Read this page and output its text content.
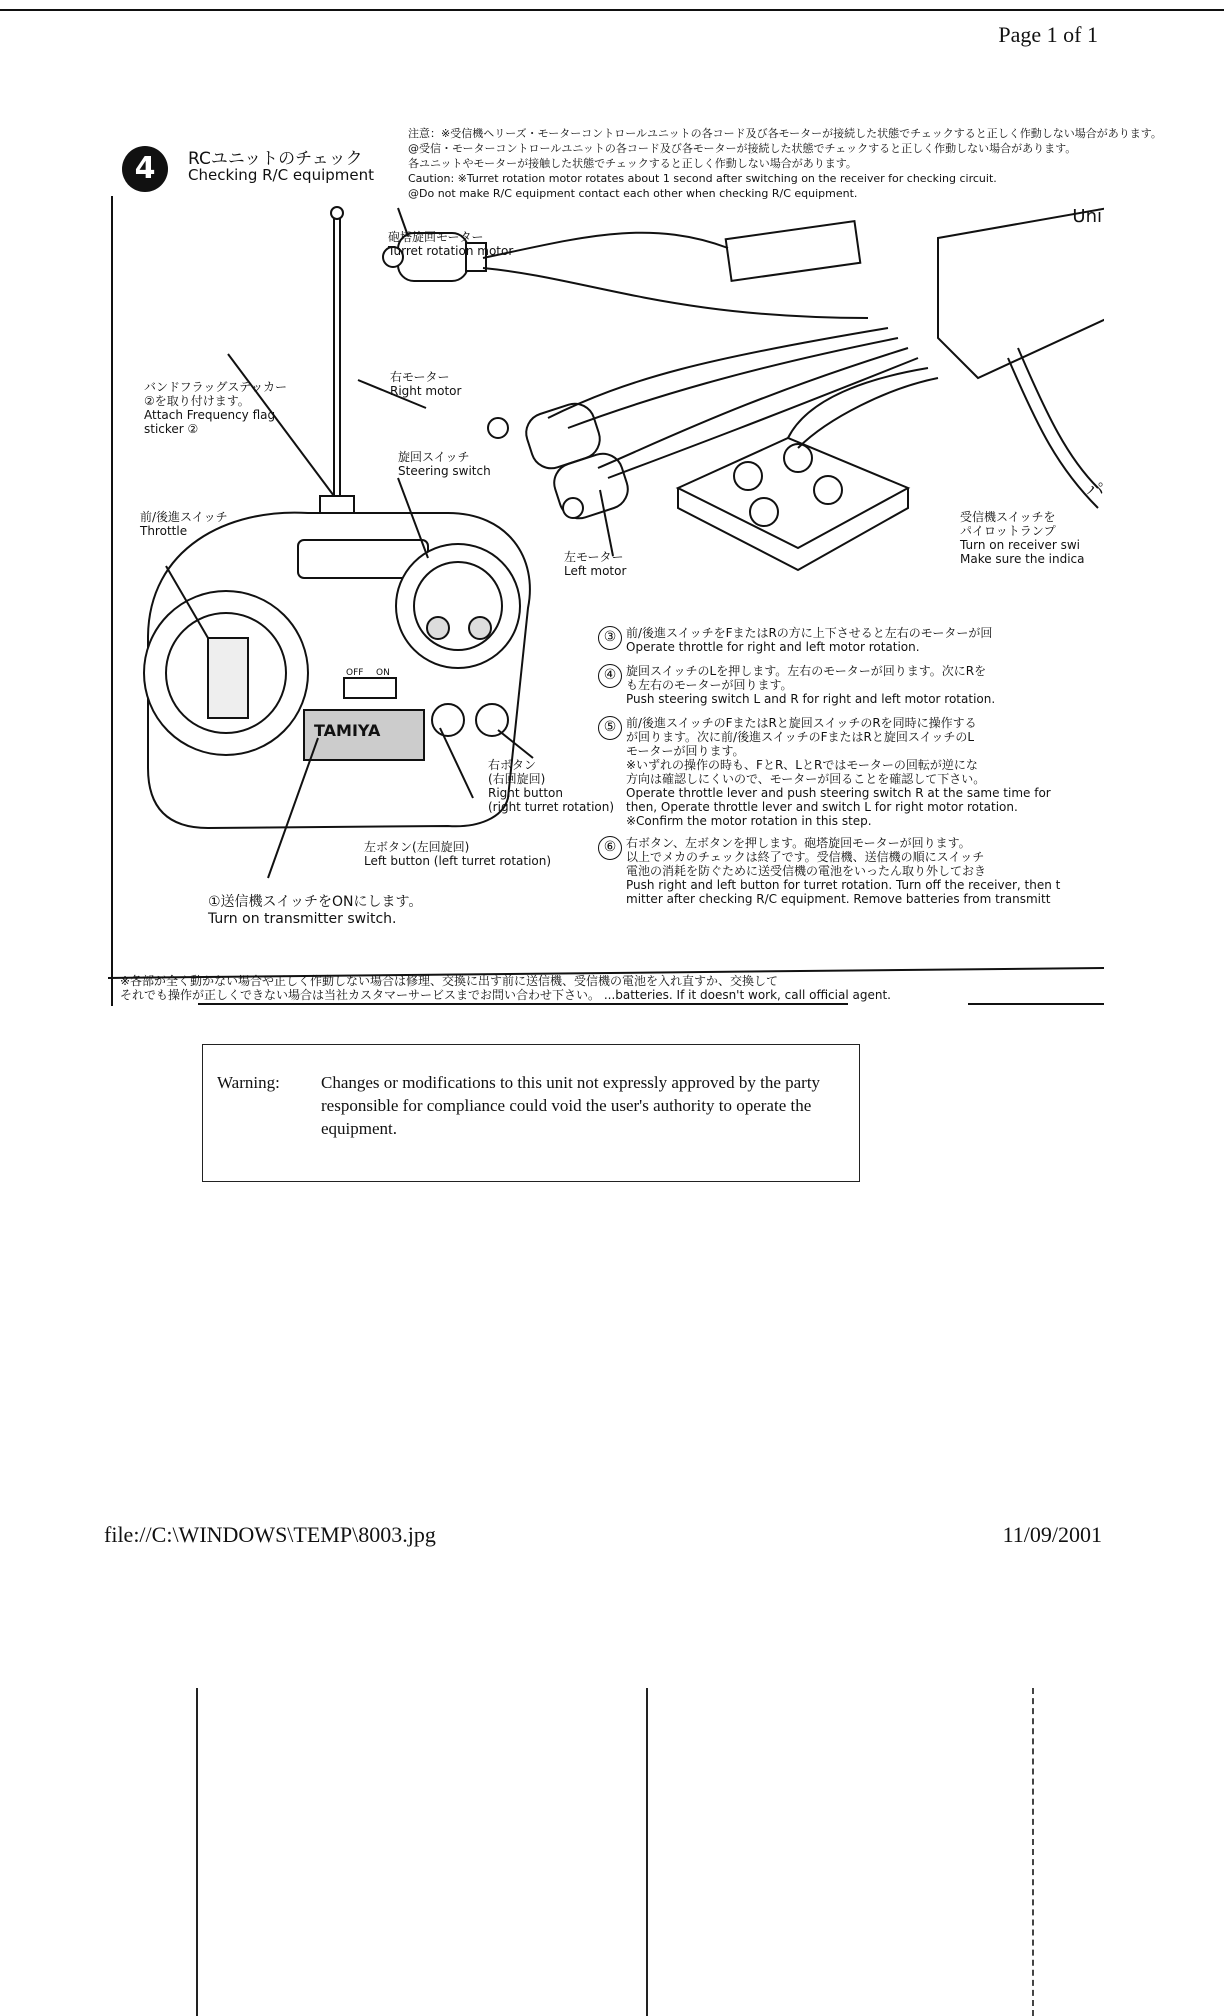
Page 1 of 1
4	RCユニットのチェック
Checking R/C equipment
Uni
注意：※受信機ヘリーズ・モーターコントロールユニットの各コード及び各モーターが接続した状態でチェックすると正しく作動しない場合があります。
@受信・モーターコントロールユニットの各コード及び各モーターが接続した状態でチェックすると正しく作動しない場合があります。
各ユニットやモーターが接触した状態でチェックすると正しく作動しない場合があります。
Caution: ※Turret rotation motor rotates about 1 second after switching on the receiver for checking circuit.
@Do not make R/C equipment contact each other when checking R/C equipment.
砲塔旋回モーター
Turret rotation motor
右モーター
Right motor
左モーター
Left motor
バンドフラッグステッカー
②を取り付けます。
Attach Frequency flag
sticker ②
旋回スイッチ
Steering switch
前/後進スイッチ
Throttle
右ボタン
(右回旋回)
Right button
(right turret rotation)
左ボタン(左回旋回)
Left button (left turret rotation)
①送信機スイッチをONにします。
Turn on transmitter switch.
受信機スイッチを
パイロットランプ
Turn on receiver swi
Make sure the indica
パ
OFF ON
TAMIYA
③ 前/後進スイッチをFまたはRの方に上下させると左右のモーターが回
Operate throttle for right and left motor rotation.
④ 旋回スイッチのLを押します。左右のモーターが回ります。次にRを
も左右のモーターが回ります。
Push steering switch L and R for right and left motor rotation.
⑤ 前/後進スイッチのFまたはRと旋回スイッチのRを同時に操作する
が回ります。次に前/後進スイッチのFまたはRと旋回スイッチのL
モーターが回ります。
※いずれの操作の時も、FとR、LとRではモーターの回転が逆にな
方向は確認しにくいので、モーターが回ることを確認して下さい。
Operate throttle lever and push steering switch R at the same time for
then, Operate throttle lever and switch L for right motor rotation.
※Confirm the motor rotation in this step.
⑥ 右ボタン、左ボタンを押します。砲塔旋回モーターが回ります。
以上でメカのチェックは終了です。受信機、送信機の順にスイッチ
電池の消耗を防ぐために送受信機の電池をいったん取り外しておき
Push right and left button for turret rotation. Turn off the receiver, then t
mitter after checking R/C equipment. Remove batteries from transmitt
※各部が全く動かない場合や正しく作動しない場合は修理、交換に出す前に送信機、受信機の電池を入れ直すか、交換して
それでも操作が正しくできない場合は当社カスタマーサービスまでお問い合わせ下さい。 ...batteries. If it doesn't work, call official agent.
Warning: Changes or modifications to this unit not expressly approved by the party responsible for compliance could void the user's authority to operate the equipment.
file://C:\WINDOWS\TEMP\8003.jpg	11/09/2001
